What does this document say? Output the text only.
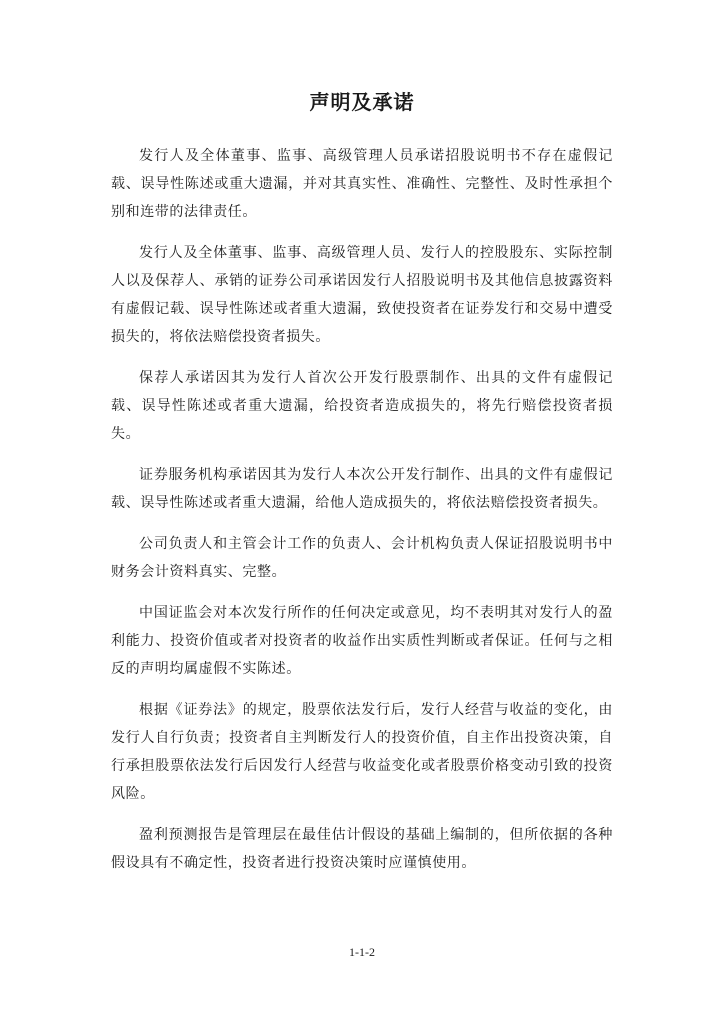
声明及承诺

发行人及全体董事、监事、高级管理人员承诺招股说明书不存在虚假记载、误导性陈述或重大遗漏，并对其真实性、准确性、完整性、及时性承担个别和连带的法律责任。

发行人及全体董事、监事、高级管理人员、发行人的控股股东、实际控制人以及保荐人、承销的证券公司承诺因发行人招股说明书及其他信息披露资料有虚假记载、误导性陈述或者重大遗漏，致使投资者在证券发行和交易中遭受损失的，将依法赔偿投资者损失。

保荐人承诺因其为发行人首次公开发行股票制作、出具的文件有虚假记载、误导性陈述或者重大遗漏，给投资者造成损失的，将先行赔偿投资者损失。

证券服务机构承诺因其为发行人本次公开发行制作、出具的文件有虚假记载、误导性陈述或者重大遗漏，给他人造成损失的，将依法赔偿投资者损失。

公司负责人和主管会计工作的负责人、会计机构负责人保证招股说明书中财务会计资料真实、完整。

中国证监会对本次发行所作的任何决定或意见，均不表明其对发行人的盈利能力、投资价值或者对投资者的收益作出实质性判断或者保证。任何与之相反的声明均属虚假不实陈述。

根据《证券法》的规定，股票依法发行后，发行人经营与收益的变化，由发行人自行负责；投资者自主判断发行人的投资价值，自主作出投资决策，自行承担股票依法发行后因发行人经营与收益变化或者股票价格变动引致的投资风险。

盈利预测报告是管理层在最佳估计假设的基础上编制的，但所依据的各种假设具有不确定性，投资者进行投资决策时应谨慎使用。

1-1-2
